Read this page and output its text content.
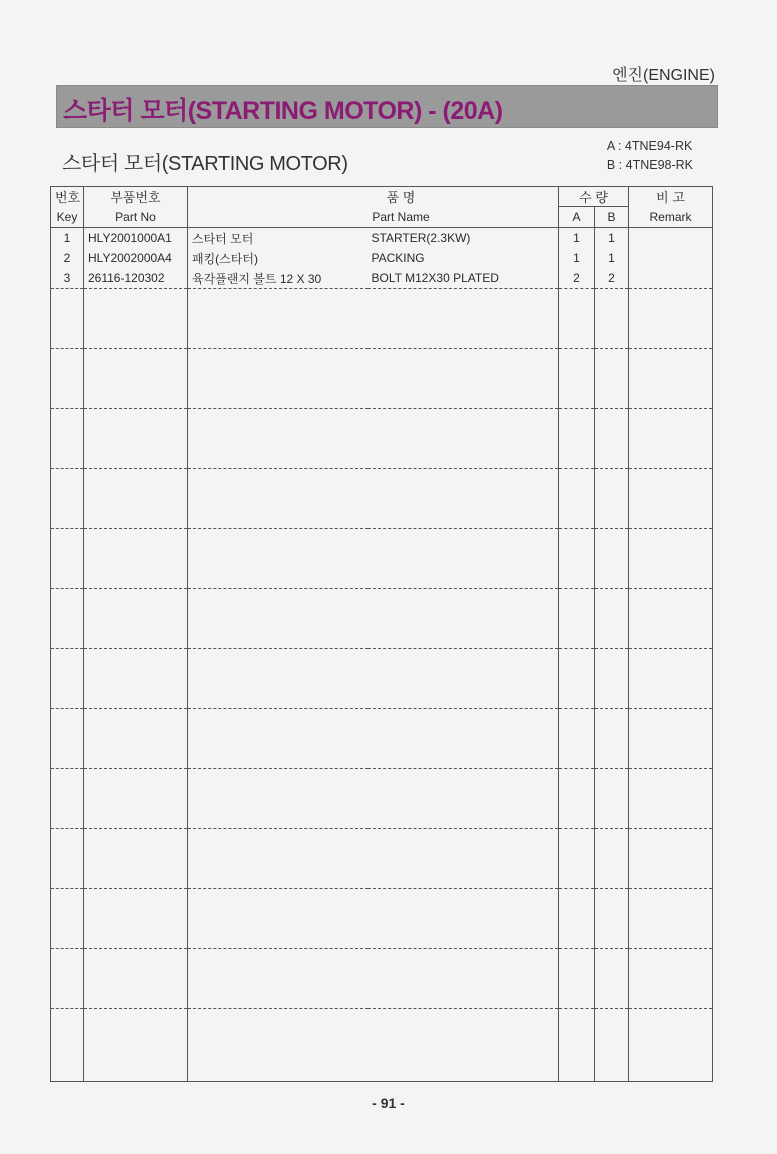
엔진(ENGINE)
스타터 모터(STARTING MOTOR) - (20A)
스타터 모터(STARTING MOTOR)
A : 4TNE94-RK
B : 4TNE98-RK
번호	부품번호	품 명		수 량		비 고
Key	Part No	Part Name		A	B	Remark
1	HLY2001000A1	스타터 모터	STARTER(2.3KW)	1	1	
2	HLY2002000A4	패킹(스타터)	PACKING	1	1	
3	26116-120302	육각플랜지 볼트 12 X 30	BOLT M12X30 PLATED	2	2	

- 91 -
